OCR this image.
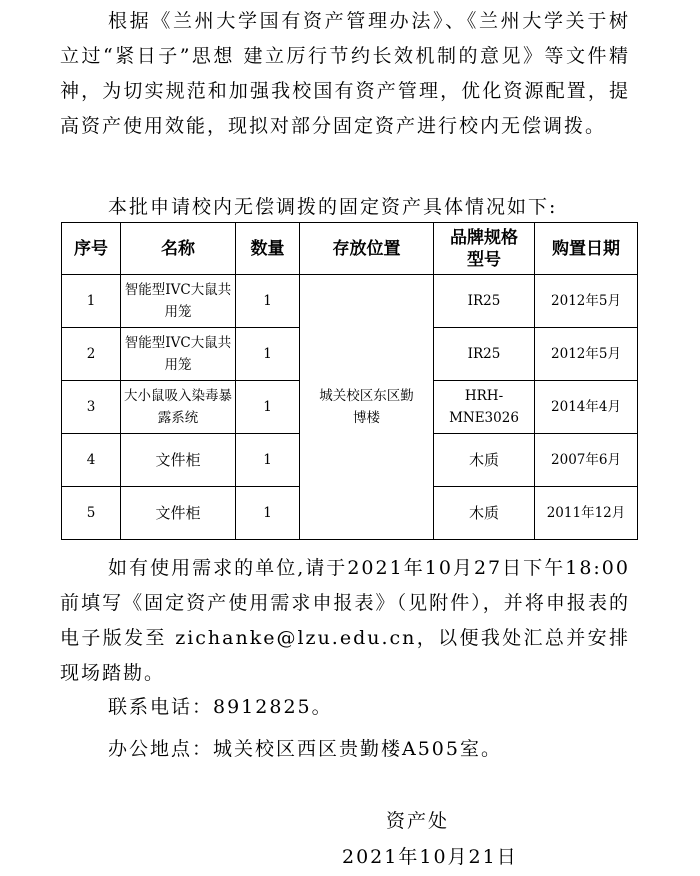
根据《兰州大学国有资产管理办法》、《兰州大学关于树立过“紧日子”思想 建立厉行节约长效机制的意见》等文件精神，为切实规范和加强我校国有资产管理，优化资源配置，提高资产使用效能，现拟对部分固定资产进行校内无偿调拨。

本批申请校内无偿调拨的固定资产具体情况如下:

序号	名称	数量	存放位置	品牌规格型号	购置日期
1	智能型IVC大鼠共用笼	1	城关校区东区勤博楼	IR25	2012年5月
2	智能型IVC大鼠共用笼	1		IR25	2012年5月
3	大小鼠吸入染毒暴露系统	1		HRH-MNE3026	2014年4月
4	文件柜	1		木质	2007年6月
5	文件柜	1		木质	2011年12月

如有使用需求的单位,请于2021年10月27日下午18:00前填写《固定资产使用需求申报表》（见附件），并将申报表的电子版发至 zichanke@lzu.edu.cn，以便我处汇总并安排现场踏勘。

联系电话：8912825。

办公地点：城关校区西区贵勤楼A505室。

资产处
2021年10月21日
